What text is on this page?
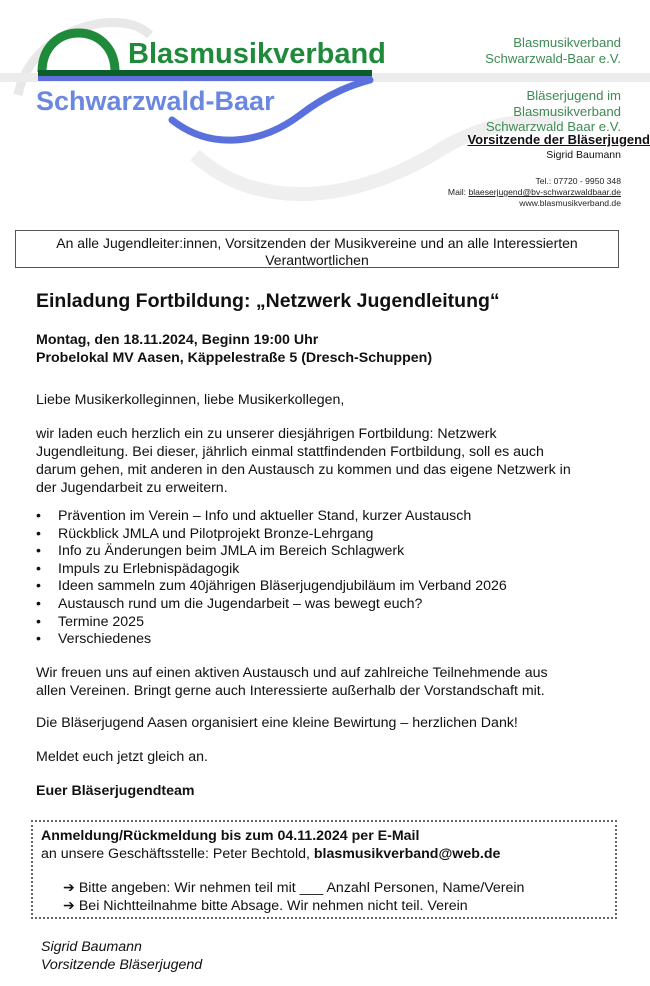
Blasmusikverband
Schwarzwald-Baar
Blasmusikverband
Schwarzwald-Baar e.V.
Bläserjugend im
Blasmusikverband
Schwarzwald Baar e.V.
Vorsitzende der Bläserjugend
Sigrid Baumann
Tel.: 07720 - 9950 348
Mail: blaeserjugend@bv-schwarzwaldbaar.de
www.blasmusikverband.de
An alle Jugendleiter:innen, Vorsitzenden der Musikvereine und an alle Interessierten
Verantwortlichen
Einladung Fortbildung: „Netzwerk Jugendleitung“
Montag, den 18.11.2024, Beginn 19:00 Uhr
Probelokal MV Aasen, Käppelestraße 5 (Dresch-Schuppen)
Liebe Musikerkolleginnen, liebe Musikerkollegen,
wir laden euch herzlich ein zu unserer diesjährigen Fortbildung: Netzwerk
Jugendleitung. Bei dieser, jährlich einmal stattfindenden Fortbildung, soll es auch
darum gehen, mit anderen in den Austausch zu kommen und das eigene Netzwerk in
der Jugendarbeit zu erweitern.
• Prävention im Verein – Info und aktueller Stand, kurzer Austausch
• Rückblick JMLA und Pilotprojekt Bronze-Lehrgang
• Info zu Änderungen beim JMLA im Bereich Schlagwerk
• Impuls zu Erlebnispädagogik
• Ideen sammeln zum 40jährigen Bläserjugendjubiläum im Verband 2026
• Austausch rund um die Jugendarbeit – was bewegt euch?
• Termine 2025
• Verschiedenes
Wir freuen uns auf einen aktiven Austausch und auf zahlreiche Teilnehmende aus
allen Vereinen. Bringt gerne auch Interessierte außerhalb der Vorstandschaft mit.
Die Bläserjugend Aasen organisiert eine kleine Bewirtung – herzlichen Dank!
Meldet euch jetzt gleich an.
Euer Bläserjugendteam
Anmeldung/Rückmeldung bis zum 04.11.2024 per E-Mail
an unsere Geschäftsstelle: Peter Bechtold, blasmusikverband@web.de
➔ Bitte angeben: Wir nehmen teil mit ___ Anzahl Personen, Name/Verein
➔ Bei Nichtteilnahme bitte Absage. Wir nehmen nicht teil. Verein
Sigrid Baumann
Vorsitzende Bläserjugend
